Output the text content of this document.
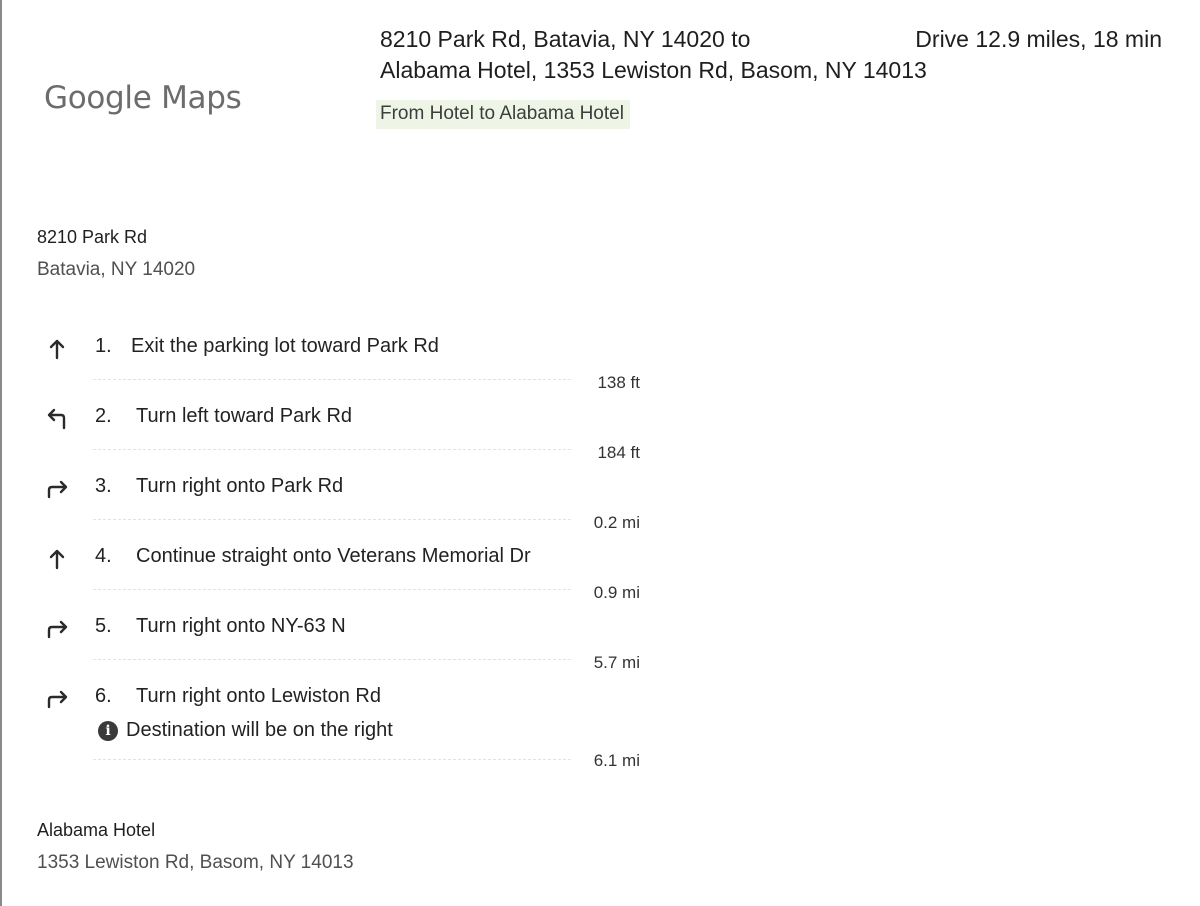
Google Maps
8210 Park Rd, Batavia, NY 14020 to
Alabama Hotel, 1353 Lewiston Rd, Basom, NY 14013
Drive 12.9 miles, 18 min
From Hotel to Alabama Hotel
8210 Park Rd
Batavia, NY 14020
1. Exit the parking lot toward Park Rd
138 ft
2. Turn left toward Park Rd
184 ft
3. Turn right onto Park Rd
0.2 mi
4. Continue straight onto Veterans Memorial Dr
0.9 mi
5. Turn right onto NY-63 N
5.7 mi
6. Turn right onto Lewiston Rd
i Destination will be on the right
6.1 mi
Alabama Hotel
1353 Lewiston Rd, Basom, NY 14013
